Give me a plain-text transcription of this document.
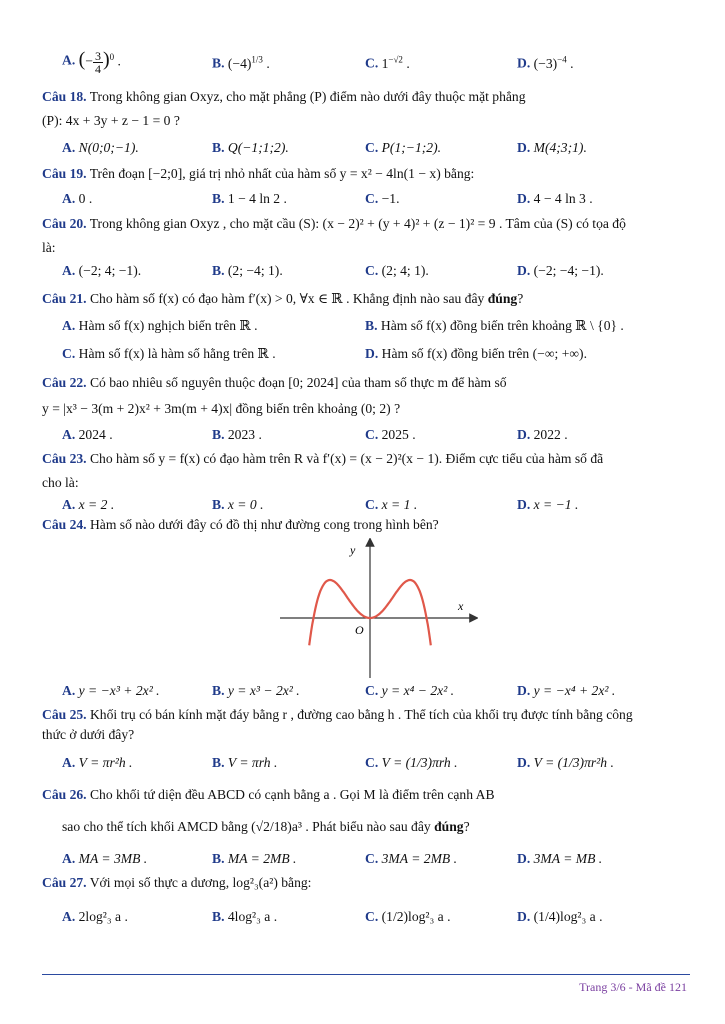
A. (− $\frac{3}{4} )^0$ .	B. $(-4)^{1/3}$ .	C. $1^{-√2}$ .	D. $(-3)^{-4}$ .
Câu 18. Trong không gian Oxyz, cho mặt phẳng (P) điểm nào dưới đây thuộc mặt phẳng
(P): 4x + 3y + z − 1 = 0 ?
A. N(0;0;−1).	B. Q(−1;1;2).	C. P(1;−1;2).	D. M(4;3;1).
Câu 19. Trên đoạn [−2;0], giá trị nhỏ nhất của hàm số y = x² − 4ln(1 − x) bằng:
A. 0 .	B. 1 − 4 ln 2 .	C. −1.	D. 4 − 4 ln 3 .
Câu 20. Trong không gian Oxyz , cho mặt cầu (S): (x − 2)² + (y + 4)² + (z − 1)² = 9 . Tâm của (S) có tọa độ
là:
A. (−2; 4; −1).	B. (2; −4; 1).	C. (2; 4; 1).	D. (−2; −4; −1).
Câu 21. Cho hàm số f(x) có đạo hàm f′(x) > 0, ∀x ∈ ℝ . Khẳng định nào sau đây đúng?
A. Hàm số f(x) nghịch biến trên ℝ .	B. Hàm số f(x) đồng biến trên khoảng ℝ \ {0} .
C. Hàm số f(x) là hàm số hằng trên ℝ .	D. Hàm số f(x) đồng biến trên (−∞; +∞).
Câu 22. Có bao nhiêu số nguyên thuộc đoạn [0; 2024] của tham số thực m để hàm số
y = |x³ − 3(m + 2)x² + 3m(m + 4)x| đồng biến trên khoảng (0; 2) ?
A. 2024 .	B. 2023 .	C. 2025 .	D. 2022 .
Câu 23. Cho hàm số y = f(x) có đạo hàm trên R và f′(x) = (x − 2)²(x − 1). Điểm cực tiểu của hàm số đã
cho là:
A. x = 2 .	B. x = 0 .	C. x = 1 .	D. x = −1 .
Câu 24. Hàm số nào dưới đây có đồ thị như đường cong trong hình bên?
y
x
O
A. y = −x³ + 2x² .	B. y = x³ − 2x² .	C. y = x⁴ − 2x² .	D. y = −x⁴ + 2x² .
Câu 25. Khối trụ có bán kính mặt đáy bằng r , đường cao bằng h . Thể tích của khối trụ được tính bằng công
thức ở dưới đây?
A. V = πr²h .	B. V = πrh .	C. V = (1/3)πrh .	D. V = (1/3)πr²h .
Câu 26. Cho khối tứ diện đều ABCD có cạnh bằng a . Gọi M là điểm trên cạnh AB
sao cho thể tích khối AMCD bằng (√2/18)a³ . Phát biểu nào sau đây đúng?
A. MA = 3MB .	B. MA = 2MB .	C. 3MA = 2MB .	D. 3MA = MB .
Câu 27. Với mọi số thực a dương, log²₃(a²) bằng:
A. 2log²₃ a .	B. 4log²₃ a .	C. (1/2)log²₃ a .	D. (1/4)log²₃ a .
Trang 3/6 - Mã đề 121
